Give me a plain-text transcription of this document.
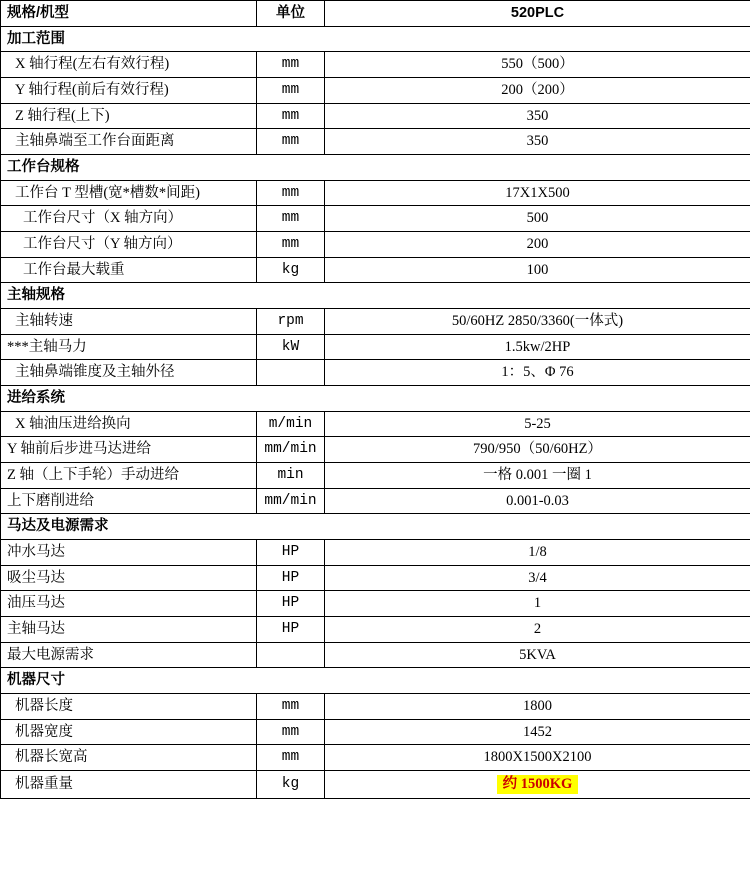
规格/机型	单位	520PLC
加工范围		
X 轴行程(左右有效行程)	mm	550（500）
Y 轴行程(前后有效行程)	mm	200（200）
Z 轴行程(上下)	mm	350
主轴鼻端至工作台面距离	mm	350
工作台规格		
工作台 T 型槽(宽*槽数*间距)	mm	17X1X500
工作台尺寸（X 轴方向）	mm	500
工作台尺寸（Y 轴方向）	mm	200
工作台最大载重	kg	100
主轴规格		
主轴转速	rpm	50/60HZ 2850/3360(一体式)
***主轴马力	kW	1.5kw/2HP
主轴鼻端锥度及主轴外径		1：5、Φ 76
进给系统		
X 轴油压进给换向	m/min	5-25
Y 轴前后步进马达进给	mm/min	790/950（50/60HZ）
Z 轴（上下手轮）手动进给	min	一格 0.001 一圈 1
上下磨削进给	mm/min	0.001-0.03
马达及电源需求		
冲水马达	HP	1/8
吸尘马达	HP	3/4
油压马达	HP	1
主轴马达	HP	2
最大电源需求		5KVA
机器尺寸		
机器长度	mm	1800
机器宽度	mm	1452
机器长宽高	mm	1800X1500X2100
机器重量	kg	约 1500KG
